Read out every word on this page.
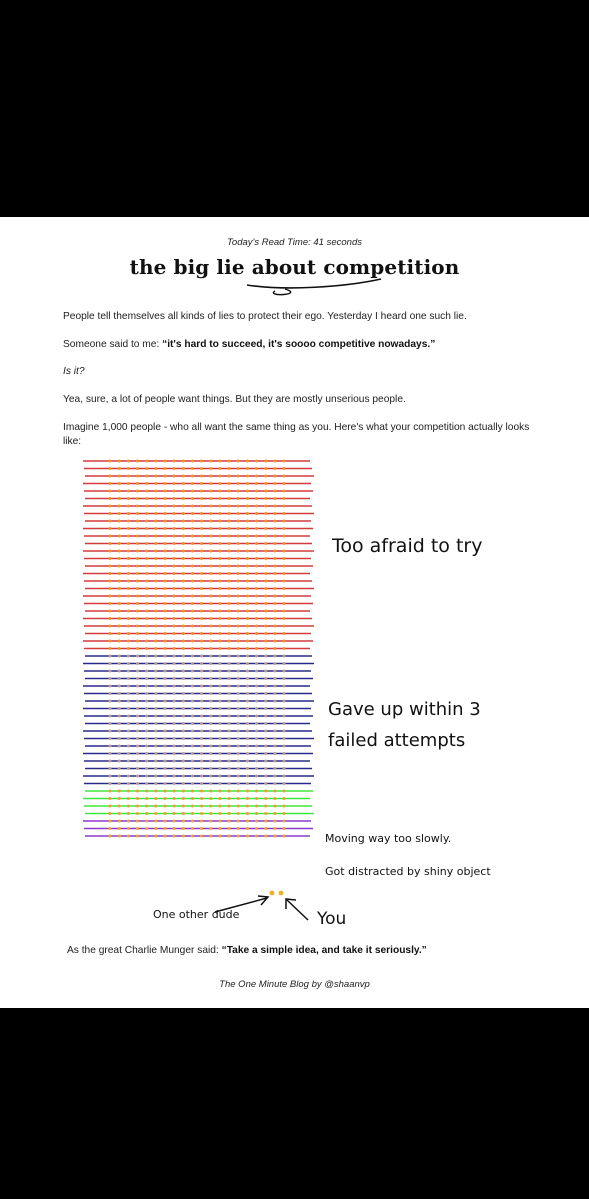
Today's Read Time: 41 seconds
the big lie about competition
People tell themselves all kinds of lies to protect their ego. Yesterday I heard one such lie.
Someone said to me: “it's hard to succeed, it's soooo competitive nowadays.”
Is it?
Yea, sure, a lot of people want things. But they are mostly unserious people.
Imagine 1,000 people - who all want the same thing as you. Here's what your competition actually looks like:
Too afraid to try
Gave up within 3
failed attempts
Moving way too slowly.
Got distracted by shiny object
One other dude	You
As the great Charlie Munger said: “Take a simple idea, and take it seriously.”
The One Minute Blog by @shaanvp
